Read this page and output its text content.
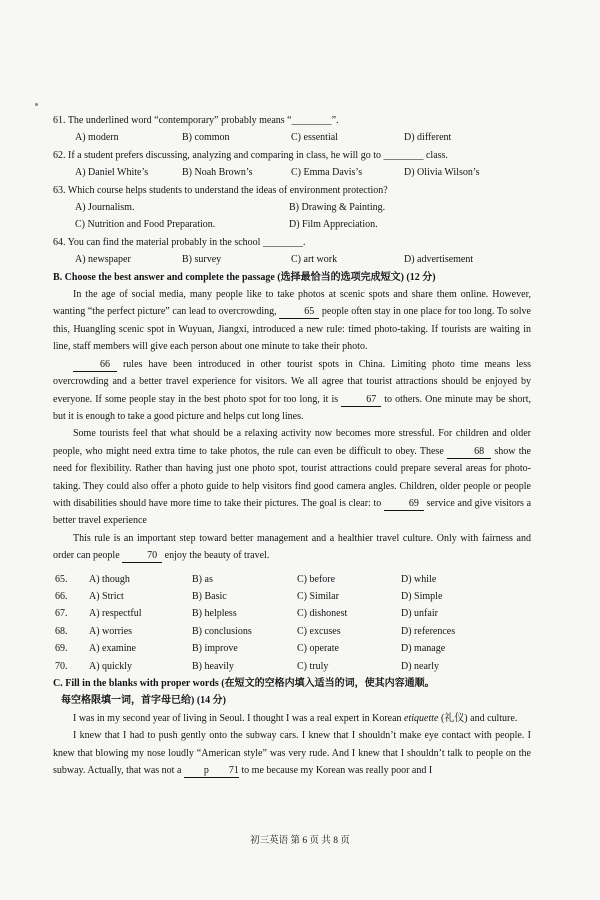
61. The underlined word “contemporary” probably means “________”.
A) modern	B) common	C) essential	D) different
62. If a student prefers discussing, analyzing and comparing in class, he will go to ________ class.
A) Daniel White’s	B) Noah Brown’s	C) Emma Davis’s	D) Olivia Wilson’s
63. Which course helps students to understand the ideas of environment protection?
A) Journalism.	B) Drawing & Painting.
C) Nutrition and Food Preparation.	D) Film Appreciation.
64. You can find the material probably in the school ________.
A) newspaper	B) survey	C) art work	D) advertisement
B. Choose the best answer and complete the passage (选择最恰当的选项完成短文) (12 分)

In the age of social media, many people like to take photos at scenic spots and share them online. However, wanting “the perfect picture” can lead to overcrowding,	65 people often stay in one place for too long. To solve this, Huangling scenic spot in Wuyuan, Jiangxi, introduced a new rule: timed photo-taking. If tourists are waiting in line, staff members will give each person about one minute to take their photo.

66 rules have been introduced in other tourist spots in China. Limiting photo time means less overcrowding and a better travel experience for visitors. We all agree that tourist attractions should be enjoyed by everyone. If some people stay in the best photo spot for too long, it is	67 to others. One minute may be short, but it is enough to take a good picture and helps cut long lines.

Some tourists feel that what should be a relaxing activity now becomes more stressful. For children and older people, who might need extra time to take photos, the rule can even be difficult to obey. These	68 show the need for flexibility. Rather than having just one photo spot, tourist attractions could prepare several areas for photo-taking. They could also offer a photo guide to help visitors find good camera angles. Children, older people or people with disabilities should have more time to take their pictures. The goal is clear: to	69 service and give visitors a better travel experience

This rule is an important step toward better management and a healthier travel culture. Only with fairness and order can people	70 enjoy the beauty of travel.

65.	A) though	B) as	C) before	D) while
66.	A) Strict	B) Basic	C) Similar	D) Simple
67.	A) respectful	B) helpless	C) dishonest	D) unfair
68.	A) worries	B) conclusions	C) excuses	D) references
69.	A) examine	B) improve	C) operate	D) manage
70.	A) quickly	B) heavily	C) truly	D) nearly
C. Fill in the blanks with proper words (在短文的空格内填入适当的词，使其内容通顺。
每空格限填一词，首字母已给) (14 分)

I was in my second year of living in Seoul. I thought I was a real expert in Korean etiquette (礼仪) and culture.

I knew that I had to push gently onto the subway cars. I knew that I shouldn’t make eye contact with people. I knew that blowing my nose loudly “American style” was very rude. And I knew that I shouldn’t talk to people on the subway. Actually, that was not a	p 71 to me because my Korean was really poor and I

初三英语 第 6 页 共 8 页
